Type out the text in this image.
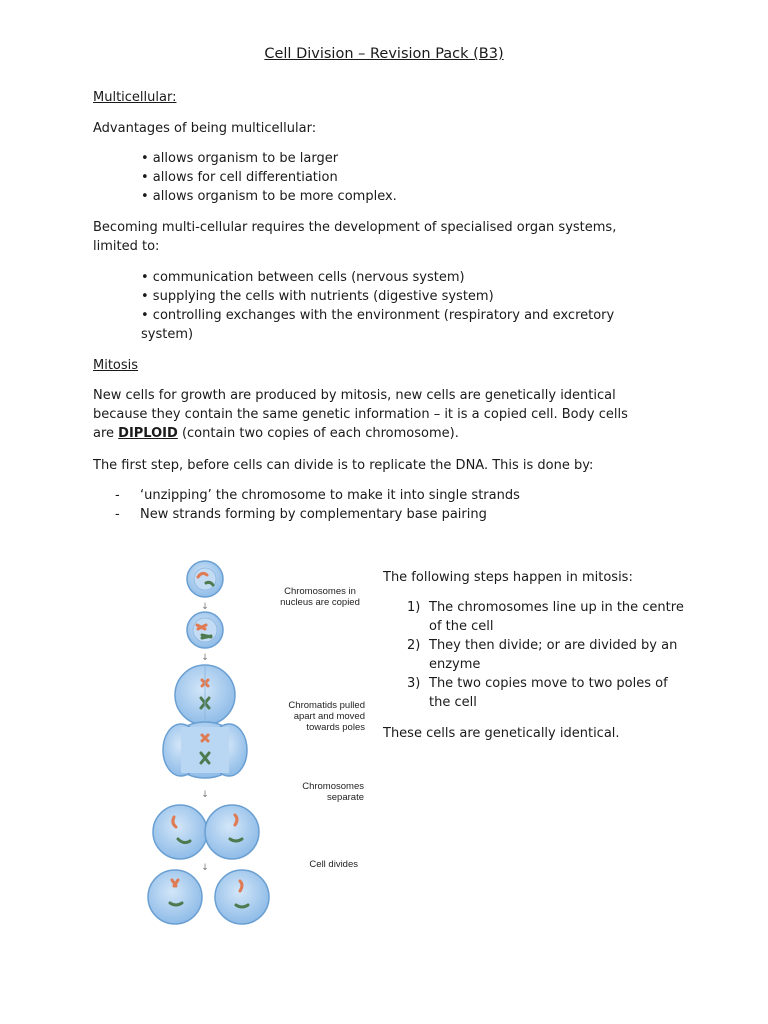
Cell Division – Revision Pack (B3)
Multicellular:
Advantages of being multicellular:
• allows organism to be larger
• allows for cell differentiation
• allows organism to be more complex.
Becoming multi-cellular requires the development of specialised organ systems,
limited to:
• communication between cells (nervous system)
• supplying the cells with nutrients (digestive system)
• controlling exchanges with the environment (respiratory and excretory
system)
Mitosis
New cells for growth are produced by mitosis, new cells are genetically identical
because they contain the same genetic information – it is a copied cell. Body cells
are DIPLOID (contain two copies of each chromosome).
The first step, before cells can divide is to replicate the DNA. This is done by:
-	‘unzipping’ the chromosome to make it into single strands
-	New strands forming by complementary base pairing
The following steps happen in mitosis:
1) The chromosomes line up in the centre
of the cell
2) They then divide; or are divided by an
enzyme
3) The two copies move to two poles of
the cell
These cells are genetically identical.
↓
↓
↓
↓
Chromosomes in
nucleus are copied
Chromatids pulled
apart and moved
towards poles
Chromosomes
separate
Cell divides
